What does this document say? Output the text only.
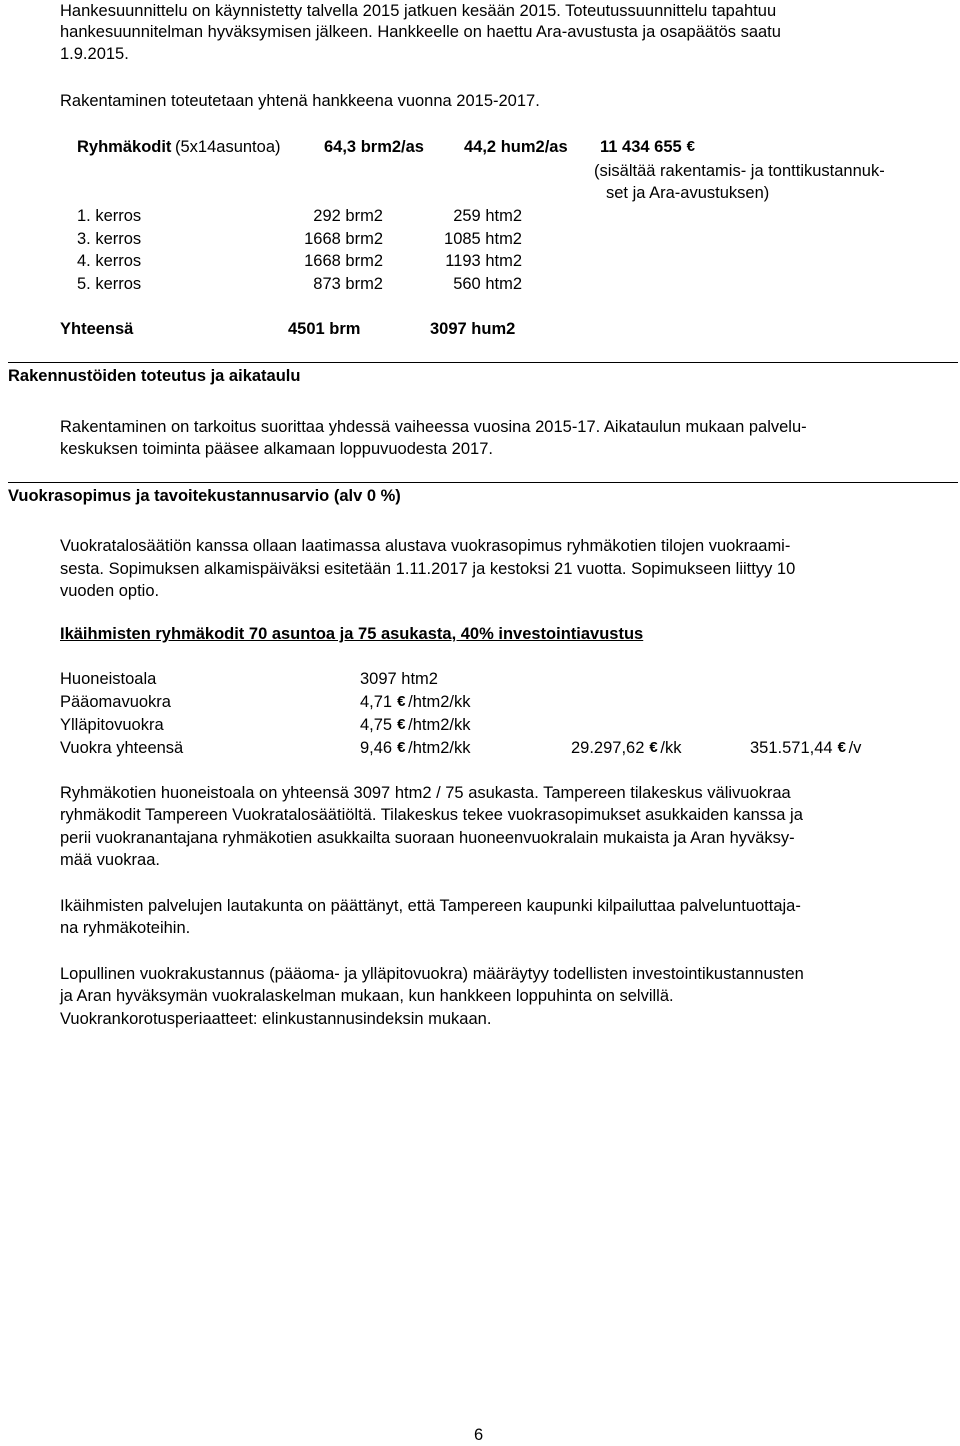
Hankesuunnittelu on käynnistetty talvella 2015 jatkuen kesään 2015. Toteutussuunnittelu tapahtuu
hankesuunnitelman hyväksymisen jälkeen. Hankkeelle on haettu Ara-avustusta ja osapäätös saatu
1.9.2015.
Rakentaminen toteutetaan yhtenä hankkeena vuonna 2015-2017.
Ryhmäkodit (5x14asuntoa)	64,3 brm2/as 44,2 hum2/as 11 434 655€
(sisältää rakentamis- ja tonttikustannuk-
set ja Ara-avustuksen)
1. kerros	292 brm2	259 htm2
3. kerros	1668 brm2	1085 htm2
4. kerros	1668 brm2	1193 htm2
5. kerros	873 brm2	560 htm2
Yhteensä	4501 brm	3097 hum2
Rakennustöiden toteutus ja aikataulu
Rakentaminen on tarkoitus suorittaa yhdessä vaiheessa vuosina 2015-17. Aikataulun mukaan palvelu-
keskuksen toiminta pääsee alkamaan loppuvuodesta 2017.
Vuokrasopimus ja tavoitekustannusarvio (alv 0 %)
Vuokratalosäätiön kanssa ollaan laatimassa alustava vuokrasopimus ryhmäkotien tilojen vuokraami-
sesta. Sopimuksen alkamispäiväksi esitetään 1.11.2017 ja kestoksi 21 vuotta. Sopimukseen liittyy 10
vuoden optio.
Ikäihmisten ryhmäkodit 70 asuntoa ja 75 asukasta, 40% investointiavustus
Huoneistoala	3097 htm2
Pääomavuokra	4,71 € /htm2/kk
Ylläpitovuokra	4,75 € /htm2/kk
Vuokra yhteensä	9,46 € /htm2/kk	29.297,62 € /kk	351.571,44 € /v
Ryhmäkotien huoneistoala on yhteensä 3097 htm2 / 75 asukasta. Tampereen tilakeskus välivuokraa
ryhmäkodit Tampereen Vuokratalosäätiöltä. Tilakeskus tekee vuokrasopimukset asukkaiden kanssa ja
perii vuokranantajana ryhmäkotien asukkailta suoraan huoneenvuokralain mukaista ja Aran hyväksy-
mää vuokraa.
Ikäihmisten palvelujen lautakunta on päättänyt, että Tampereen kaupunki kilpailuttaa palveluntuottaja-
na ryhmäkoteihin.
Lopullinen vuokrakustannus (pääoma- ja ylläpitovuokra) määräytyy todellisten investointikustannusten
ja Aran hyväksymän vuokralaskelman mukaan, kun hankkeen loppuhinta on selvillä.
Vuokrankorotusperiaatteet: elinkustannusindeksin mukaan.
6
